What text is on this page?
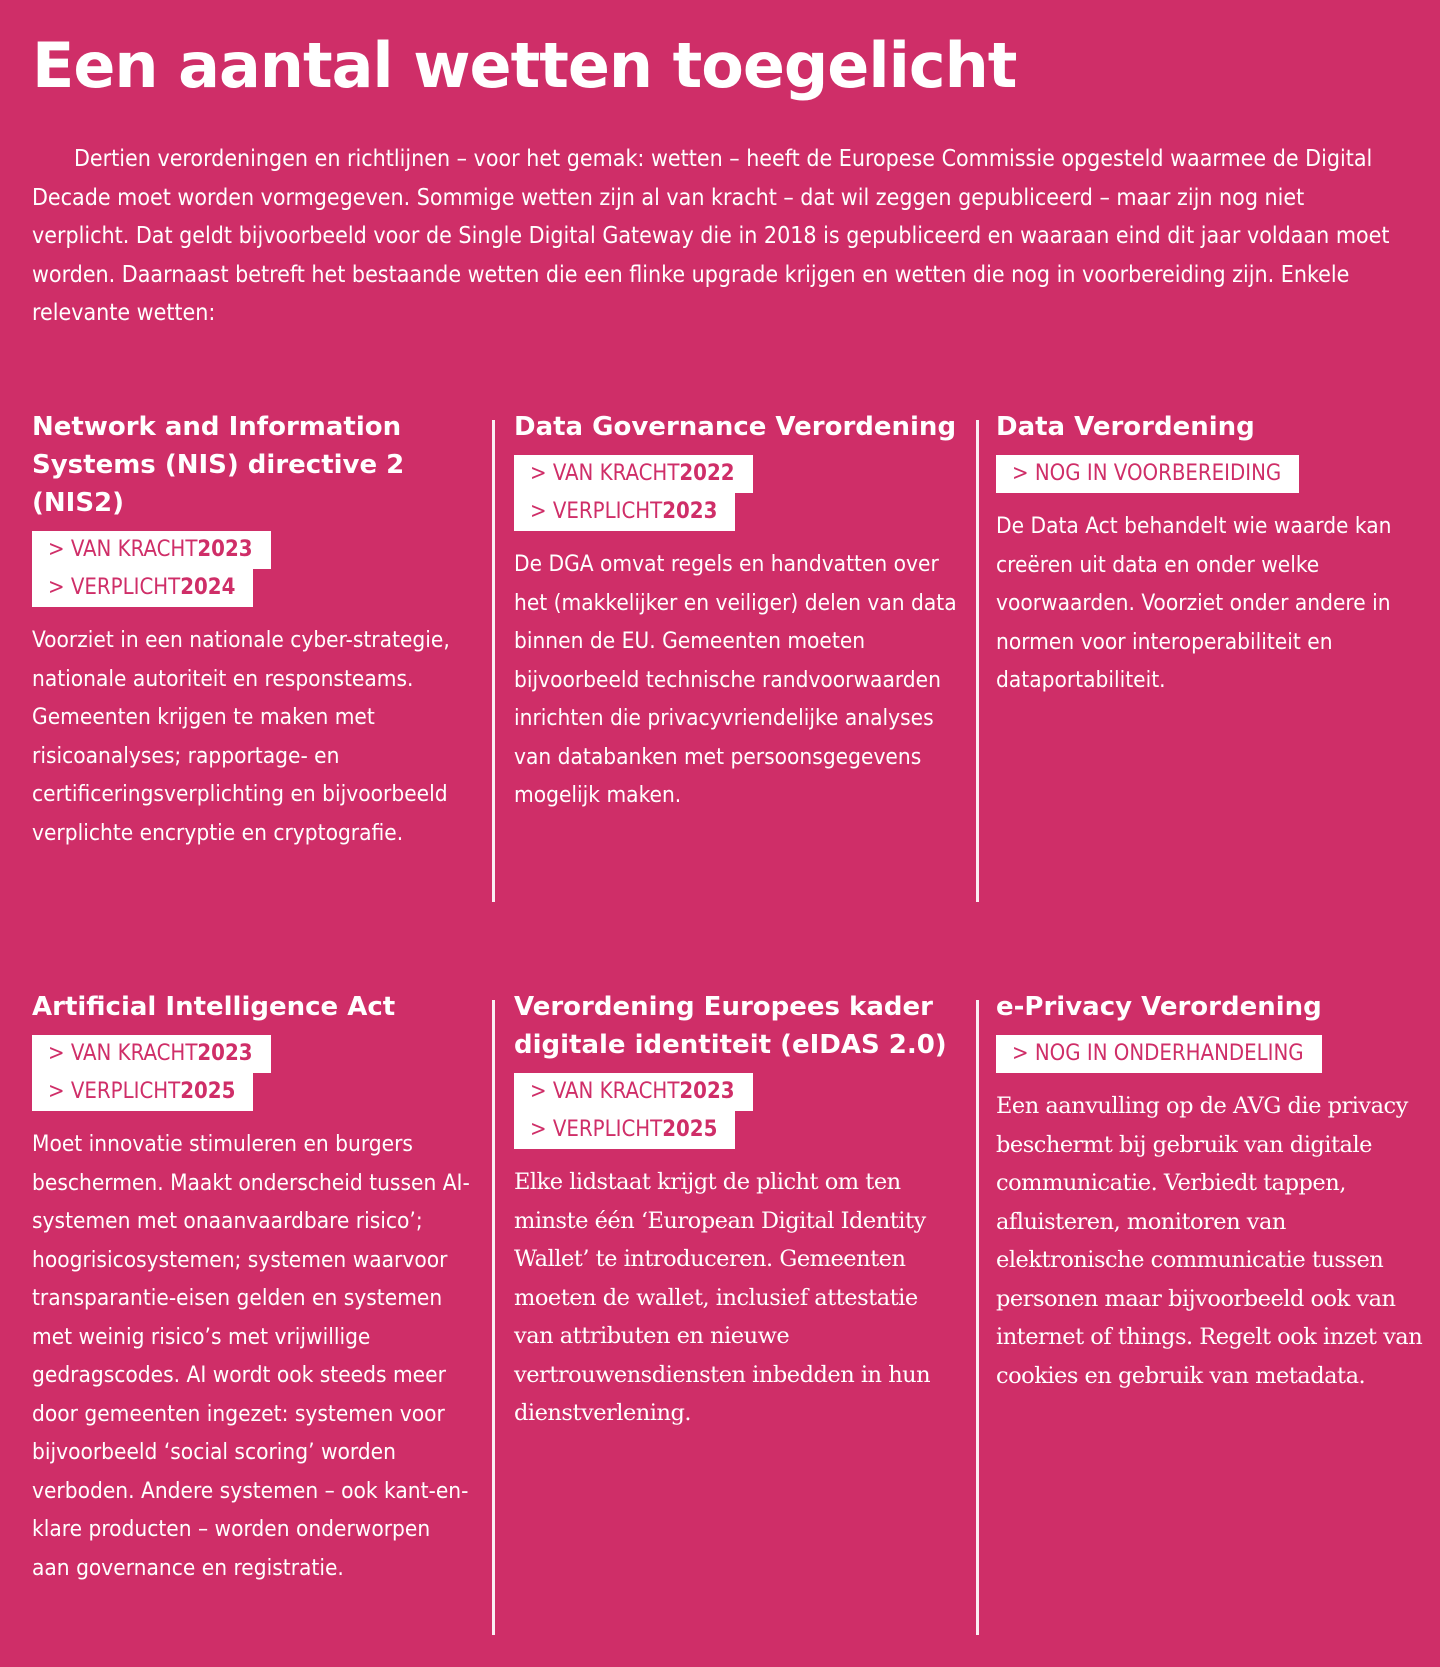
Een aantal wetten toegelicht

Dertien verordeningen en richtlijnen – voor het gemak: wetten – heeft de Europese Commissie opgesteld waarmee de Digital Decade moet worden vormgegeven. Sommige wetten zijn al van kracht – dat wil zeggen gepubliceerd – maar zijn nog niet verplicht. Dat geldt bijvoorbeeld voor de Single Digital Gateway die in 2018 is gepubliceerd en waaraan eind dit jaar voldaan moet worden. Daarnaast betreft het bestaande wetten die een flinke upgrade krijgen en wetten die nog in voorbereiding zijn. Enkele relevante wetten:

Network and Information Systems (NIS) directive 2 (NIS2)
> VAN KRACHT2023
> VERPLICHT2024

Voorziet in een nationale cyber-strategie, nationale autoriteit en responsteams. Gemeenten krijgen te maken met risicoanalyses; rapportage- en certificeringsverplichting en bijvoorbeeld verplichte encryptie en cryptografie.

Data Governance Verordening
> VAN KRACHT2022
> VERPLICHT2023

De DGA omvat regels en handvatten over het (makkelijker en veiliger) delen van data binnen de EU. Gemeenten moeten bijvoorbeeld technische randvoorwaarden inrichten die privacyvriendelijke analyses van databanken met persoonsgegevens mogelijk maken.

Data Verordening
> NOG IN VOORBEREIDING

De Data Act behandelt wie waarde kan creëren uit data en onder welke voorwaarden. Voorziet onder andere in normen voor interoperabiliteit en dataportabiliteit.

Artificial Intelligence Act
> VAN KRACHT2023
> VERPLICHT2025

Moet innovatie stimuleren en burgers beschermen. Maakt onderscheid tussen AI-systemen met onaanvaardbare risico’; hoogrisicosystemen; systemen waarvoor transparantie-eisen gelden en systemen met weinig risico’s met vrijwillige gedragscodes. AI wordt ook steeds meer door gemeenten ingezet: systemen voor bijvoorbeeld ‘social scoring’ worden verboden. Andere systemen – ook kant-en-klare producten – worden onderworpen aan governance en registratie.

Verordening Europees kader digitale identiteit (eIDAS 2.0)
> VAN KRACHT2023
> VERPLICHT2025

Elke lidstaat krijgt de plicht om ten minste één ‘European Digital Identity Wallet’ te introduceren. Gemeenten moeten de wallet, inclusief attestatie van attributen en nieuwe vertrouwensdiensten inbedden in hun dienstverlening.

e-Privacy Verordening
> NOG IN ONDERHANDELING

Een aanvulling op de AVG die privacy beschermt bij gebruik van digitale communicatie. Verbiedt tappen, afluisteren, monitoren van elektronische communicatie tussen personen maar bijvoorbeeld ook van internet of things. Regelt ook inzet van cookies en gebruik van metadata.
